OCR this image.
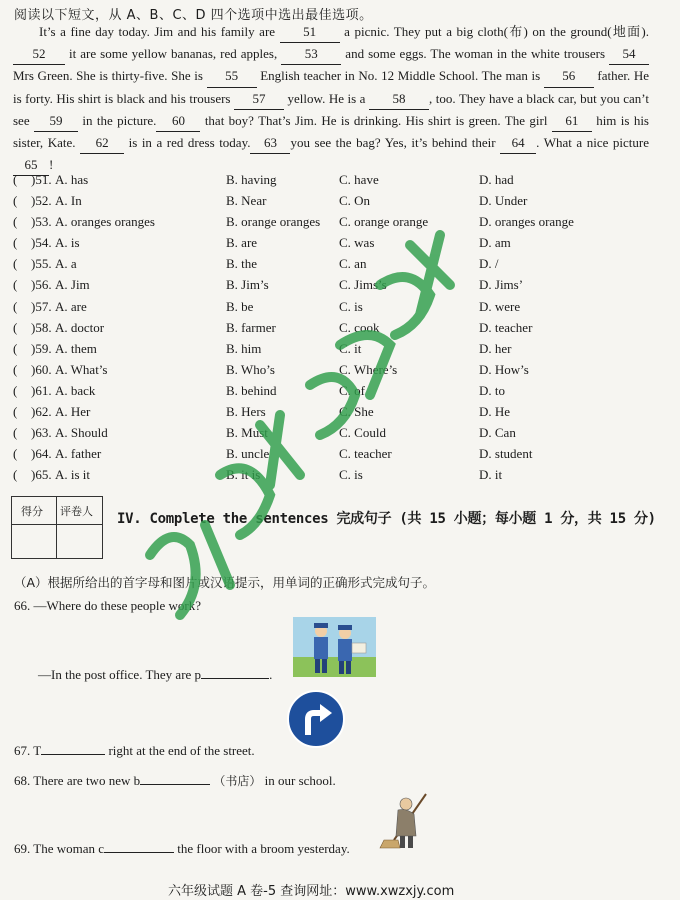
阅读以下短文，从 A、B、C、D 四个选项中选出最佳选项。
It’s a fine day today. Jim and his family are 51 a picnic. They put a big cloth(布) on the ground(地面). 52 it are some yellow bananas, red apples, 53 and some eggs. The woman in the white trousers 54 Mrs Green. She is thirty-five. She is 55 English teacher in No. 12 Middle School. The man is 56 father. He is forty. His shirt is black and his trousers 57 yellow. He is a 58 , too. They have a black car, but you can’t see 59 in the picture. 60 that boy? That’s Jim. He is drinking. His shirt is green. The girl 61 him is his sister, Kate. 62 is in a red dress today. 63 you see the bag? Yes, it’s behind their 64 . What a nice picture 65 !
(	)51. A. has	B. having	C. have	D. had
(	)52. A. In	B. Near	C. On	D. Under
(	)53. A. oranges oranges	B. orange oranges	C. orange orange	D. oranges orange
(	)54. A. is	B. are	C. was	D. am
(	)55. A. a	B. the	C. an	D. /
(	)56. A. Jim	B. Jim’s	C. Jims’s	D. Jims’
(	)57. A. are	B. be	C. is	D. were
(	)58. A. doctor	B. farmer	C. cook	D. teacher
(	)59. A. them	B. him	C. it	D. her
(	)60. A. What’s	B. Who’s	C. Where’s	D. How’s
(	)61. A. back	B. behind	C. of	D. to
(	)62. A. Her	B. Hers	C. She	D. He
(	)63. A. Should	B. Must	C. Could	D. Can
(	)64. A. father	B. uncle	C. teacher	D. student
(	)65. A. is it	B. it is	C. is	D. it
得分 评卷人 IV. Complete the sentences 完成句子 (共 15 小题；每小题 1 分，共 15 分)
（A）根据所给出的首字母和图片或汉语提示，用单词的正确形式完成句子。
66. —Where do these people work?
—In the post office. They are p	.
67. T	right at the end of the street.
68. There are two new b	（书店） in our school.
69. The woman c	the floor with a broom yesterday.
六年级试题 A 卷-5 查询网址：www.xwzxjy.com
